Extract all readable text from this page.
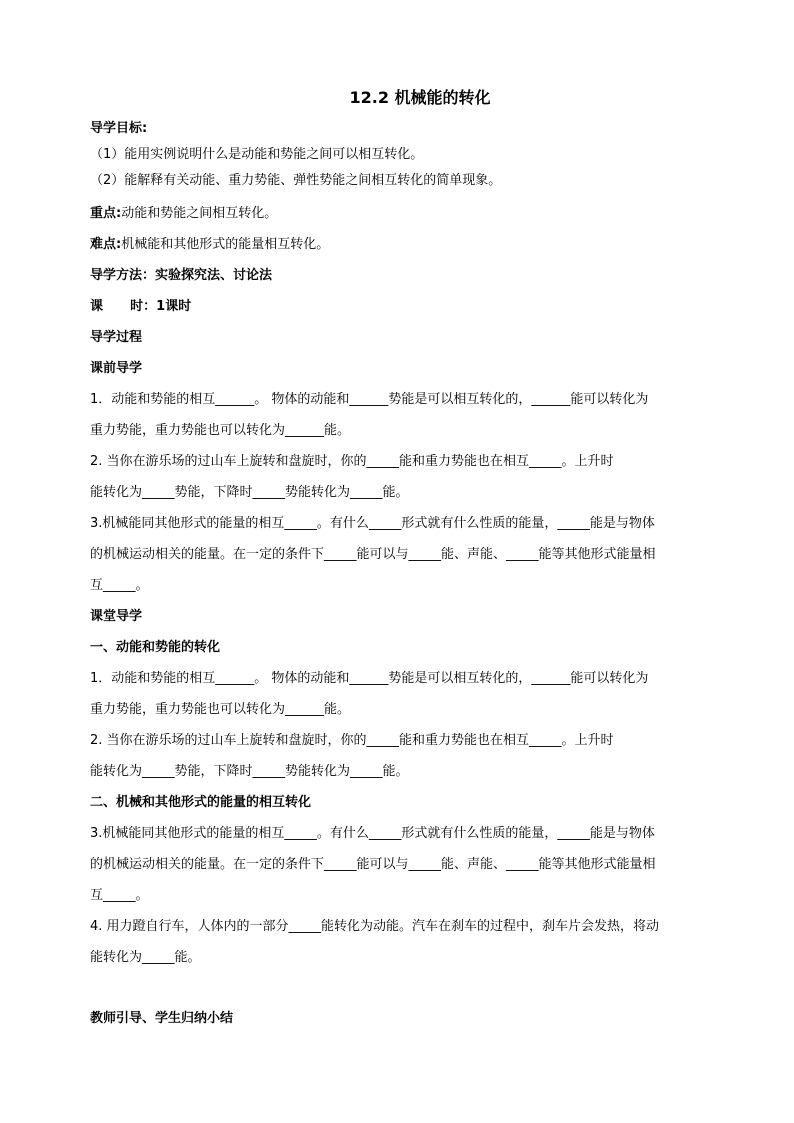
12.2 机械能的转化
导学目标:
（1）能用实例说明什么是动能和势能之间可以相互转化。
（2）能解释有关动能、重力势能、弹性势能之间相互转化的简单现象。
重点:动能和势能之间相互转化。
难点:机械能和其他形式的能量相互转化。
导学方法：实验探究法、讨论法
课      时：1课时
导学过程
课前导学
1．动能和势能的相互______。 物体的动能和______势能是可以相互转化的，______能可以转化为
重力势能，重力势能也可以转化为______能。
2. 当你在游乐场的过山车上旋转和盘旋时，你的_____能和重力势能也在相互_____。上升时
能转化为_____势能，下降时_____势能转化为_____能。
3.机械能同其他形式的能量的相互_____。有什么_____形式就有什么性质的能量，_____能是与物体
的机械运动相关的能量。在一定的条件下_____能可以与_____能、声能、_____能等其他形式能量相
互_____。
课堂导学
一、动能和势能的转化
1．动能和势能的相互______。 物体的动能和______势能是可以相互转化的，______能可以转化为
重力势能，重力势能也可以转化为______能。
2. 当你在游乐场的过山车上旋转和盘旋时，你的_____能和重力势能也在相互_____。上升时
能转化为_____势能，下降时_____势能转化为_____能。
二、机械和其他形式的能量的相互转化
3.机械能同其他形式的能量的相互_____。有什么_____形式就有什么性质的能量，_____能是与物体
的机械运动相关的能量。在一定的条件下_____能可以与_____能、声能、_____能等其他形式能量相
互_____。
4. 用力蹬自行车，人体内的一部分_____能转化为动能。汽车在刹车的过程中，刹车片会发热，将动
能转化为_____能。
教师引导、学生归纳小结
